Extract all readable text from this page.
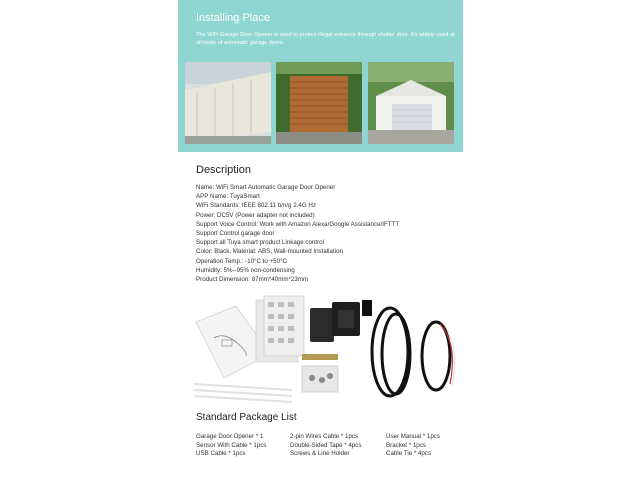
Installing Place
The WiFi Garage Door Opener is used to protect illegal entrance through shutter door. It's widely used at all kinds of automatic garage doors.
Description
Name: WiFi Smart Automatic Garage Door Opener
APP Name: TuyaSmart
WiFi Standards: IEEE 802.11 b/n/g 2.4G Hz
Power: DC5V (Power adapter not included)
Support Voice Control: Work with Amazon Alexa/Google Assistance/IFTTT
Support Control garage door
Support all Tuya smart product Linkage control
Color: Black, Material: ABS, Wall-mounted Installation
Operation Temp.: -10°C to +50°C
Humidity: 5%--95% non-condensing
Product Dimension: 87mm*40mm*23mm
Standard Package List
Garage Door Opener * 1
Sensor With Cable * 1pcs
USB Cable * 1pcs
2-pin Wires Cable * 1pcs
Double-Sided Tape * 4pcs
Screws & Line Holder
User Manual * 1pcs
Bracket * 1pcs
Cable Tie * 4pcs
